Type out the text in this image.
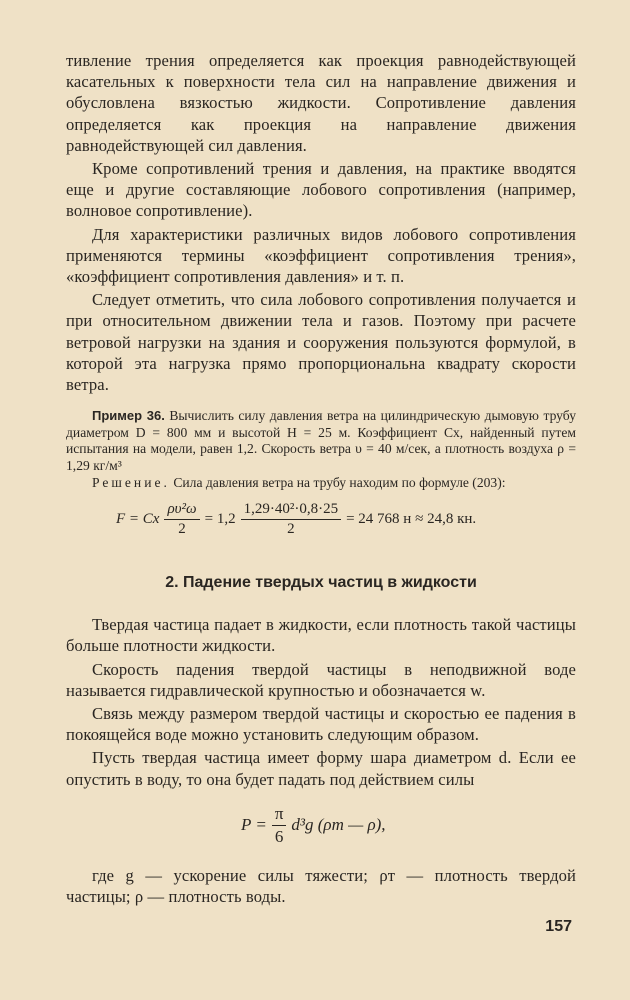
тивление трения определяется как проекция равнодействующей касательных к поверхности тела сил на направление движения и обусловлена вязкостью жидкости. Сопротивление давления определяется как проекция на направление движения равнодействующей сил давления.

Кроме сопротивлений трения и давления, на практике вводятся еще и другие составляющие лобового сопротивления (например, волновое сопротивление).

Для характеристики различных видов лобового сопротивления применяются термины «коэффициент сопротивления трения», «коэффициент сопротивления давления» и т. п.

Следует отметить, что сила лобового сопротивления получается и при относительном движении тела и газов. Поэтому при расчете ветровой нагрузки на здания и сооружения пользуются формулой, в которой эта нагрузка прямо пропорциональна квадрату скорости ветра.

Пример 36. Вычислить силу давления ветра на цилиндрическую дымовую трубу диаметром D = 800 мм и высотой H = 25 м. Коэффициент Cx, найденный путем испытания на модели, равен 1,2. Скорость ветра υ = 40 м/сек, а плотность воздуха ρ = 1,29 кг/м³

Решение. Сила давления ветра на трубу находим по формуле (203):

F = Cx $\frac{\text{ρυ²ω}}{2} = 1,2 \frac{\text{1,29·40²·0,8·25}}{2} = 24$ 768 н ≈ 24,8 кн.
2. Падение твердых частиц в жидкости

Твердая частица падает в жидкости, если плотность такой частицы больше плотности жидкости.

Скорость падения твердой частицы в неподвижной воде называется гидравлической крупностью и обозначается w.

Связь между размером твердой частицы и скоростью ее падения в покоящейся воде можно установить следующим образом.

Пусть твердая частица имеет форму шара диаметром d. Если ее опустить в воду, то она будет падать под действием силы

$P = \frac{\pi}{6} d^3g$ (ρт — ρ),

где g — ускорение силы тяжести; ρт — плотность твердой частицы; ρ — плотность воды.

157
